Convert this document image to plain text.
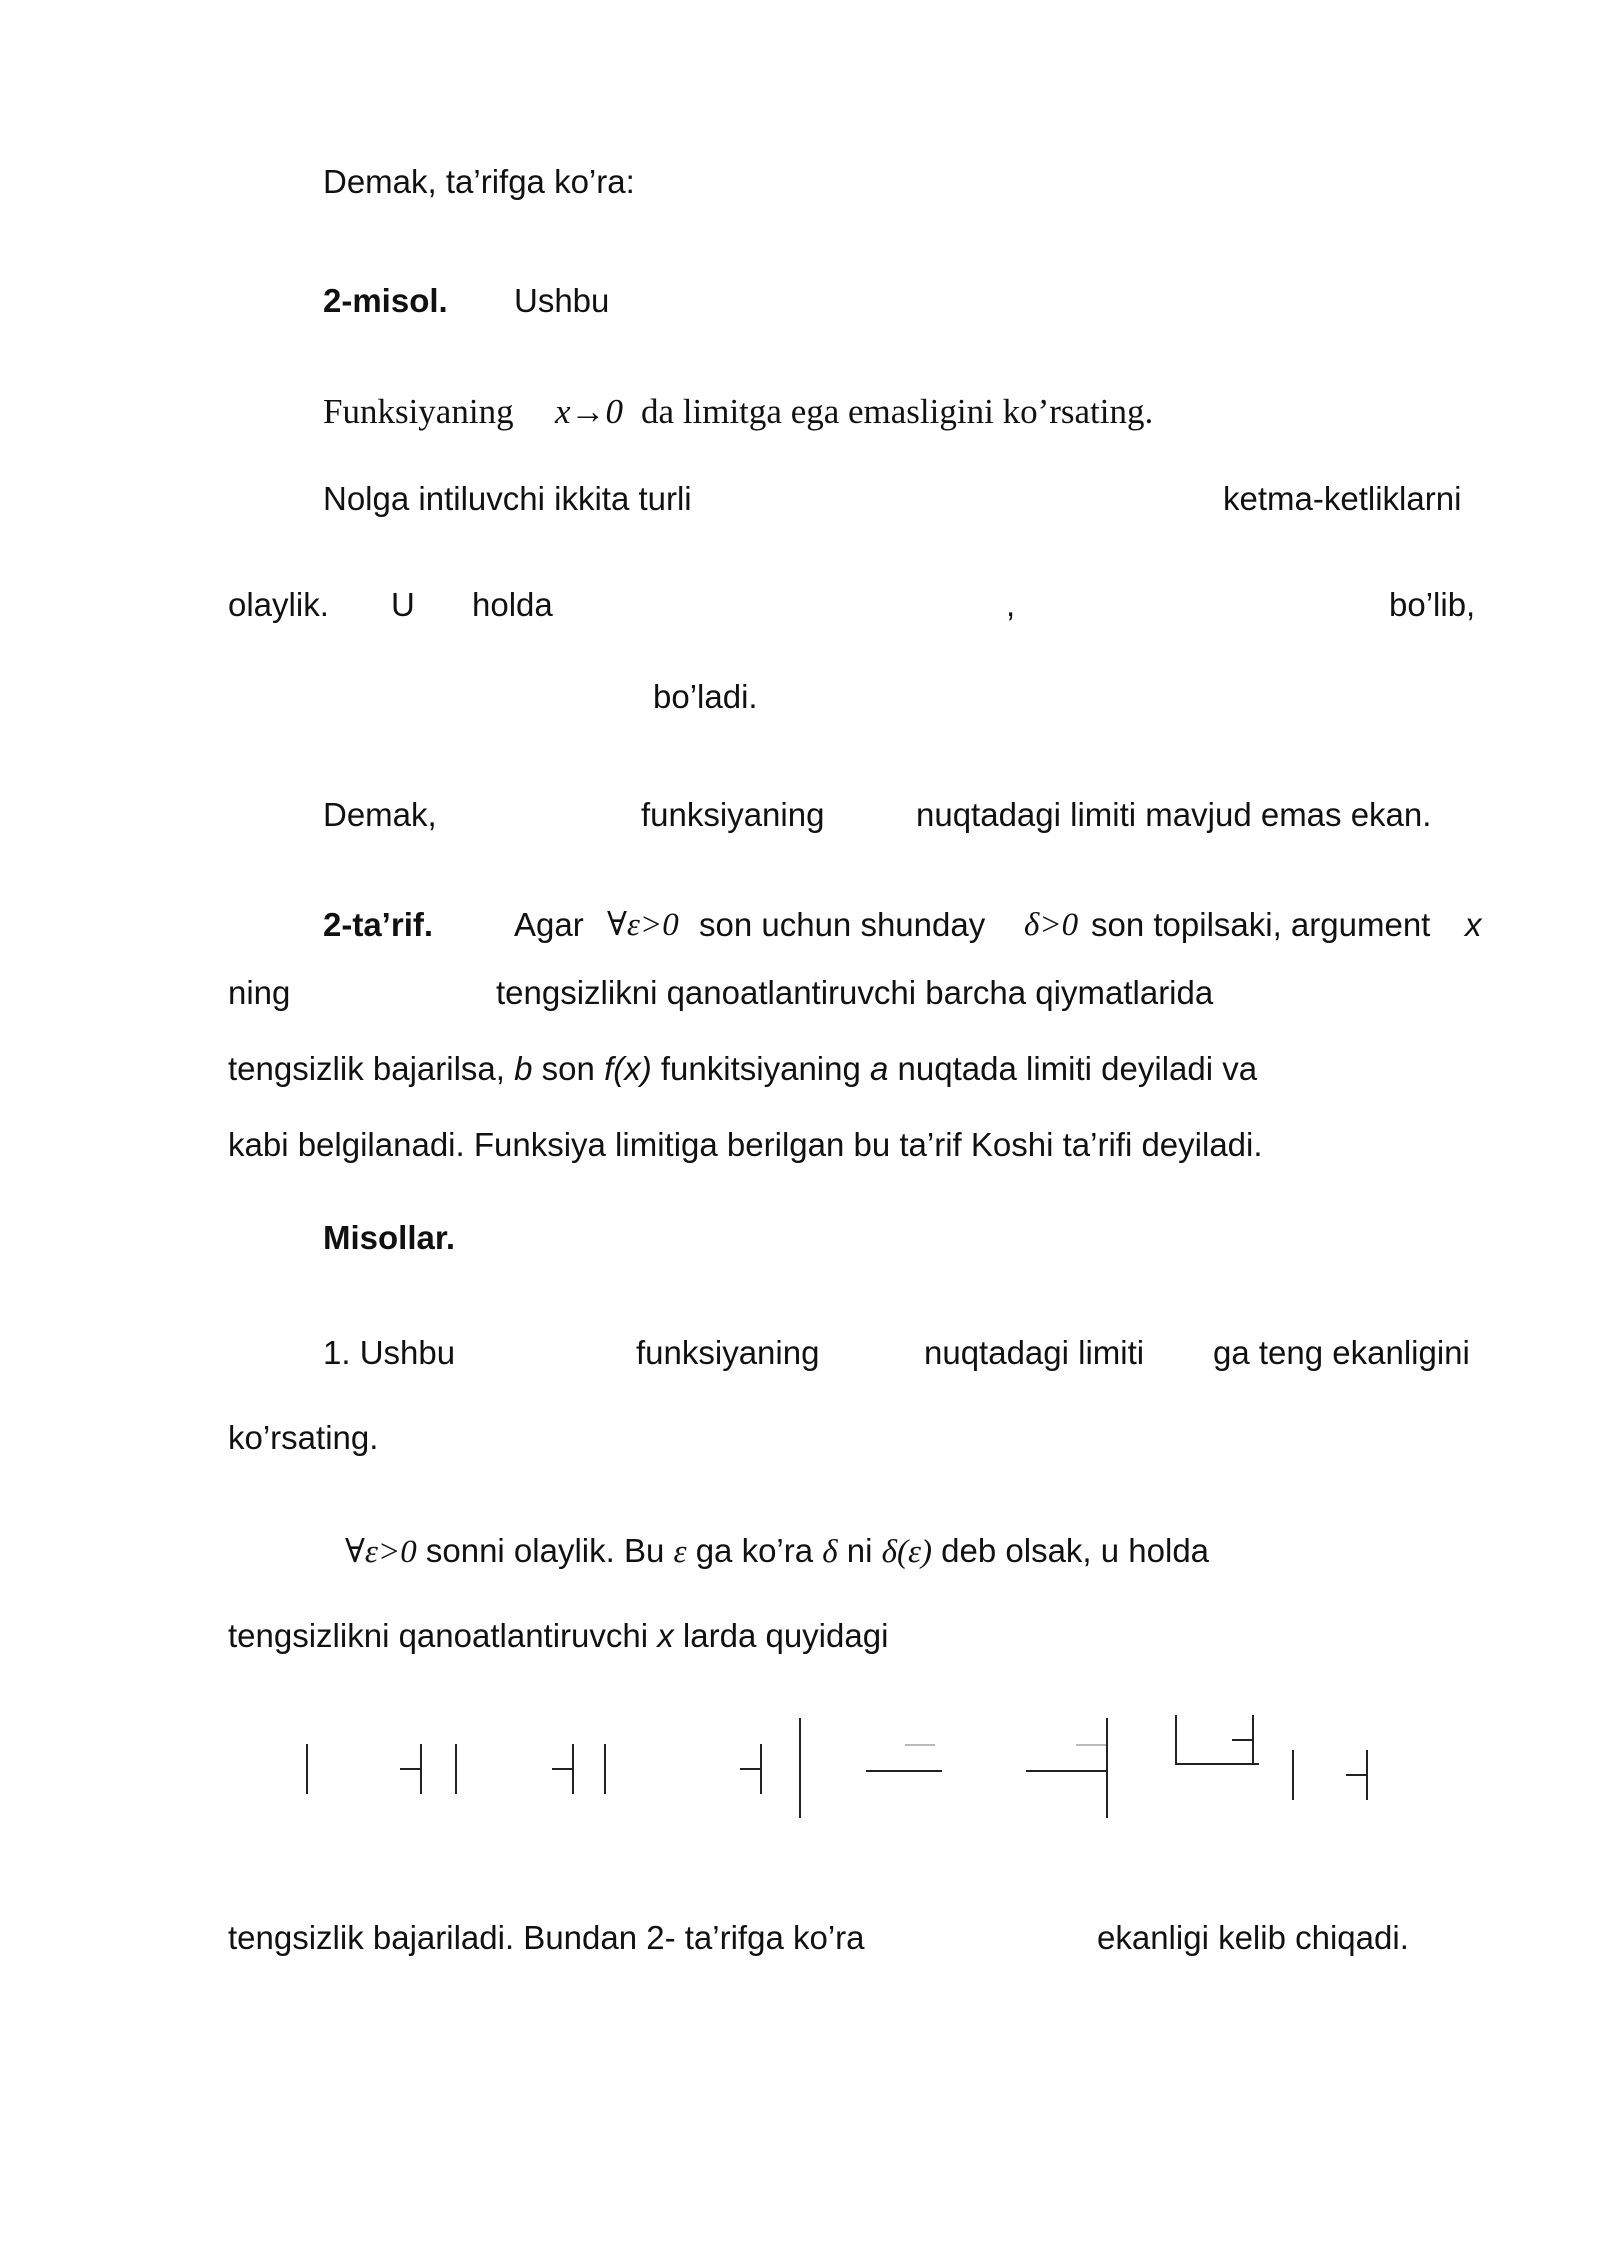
Demak, ta’rifga ko’ra:
2-misol. Ushbu
Funksiyaning x→0 da limitga ega emasligini ko’rsating.
Nolga intiluvchi ikkita turli	ketma-ketliklarni
olaylik. U holda	,	bo’lib,
bo’ladi.
Demak,	funksiyaning	nuqtadagi limiti mavjud emas ekan.
2-ta’rif. Agar ∀ε>0 son uchun shunday δ>0 son topilsaki, argument x
ning	tengsizlikni qanoatlantiruvchi barcha qiymatlarida
tengsizlik bajarilsa, b son f(x) funkitsiyaning a nuqtada limiti deyiladi va
kabi belgilanadi. Funksiya limitiga berilgan bu ta’rif Koshi ta’rifi deyiladi.
Misollar.
1. Ushbu	funksiyaning	nuqtadagi limiti ga teng ekanligini
ko’rsating.
∀ε>0 sonni olaylik. Bu ε ga ko’ra δ ni δ(ε) deb olsak, u holda
tengsizlikni qanoatlantiruvchi x larda quyidagi
tengsizlik bajariladi. Bundan 2- ta’rifga ko’ra	ekanligi kelib chiqadi.
